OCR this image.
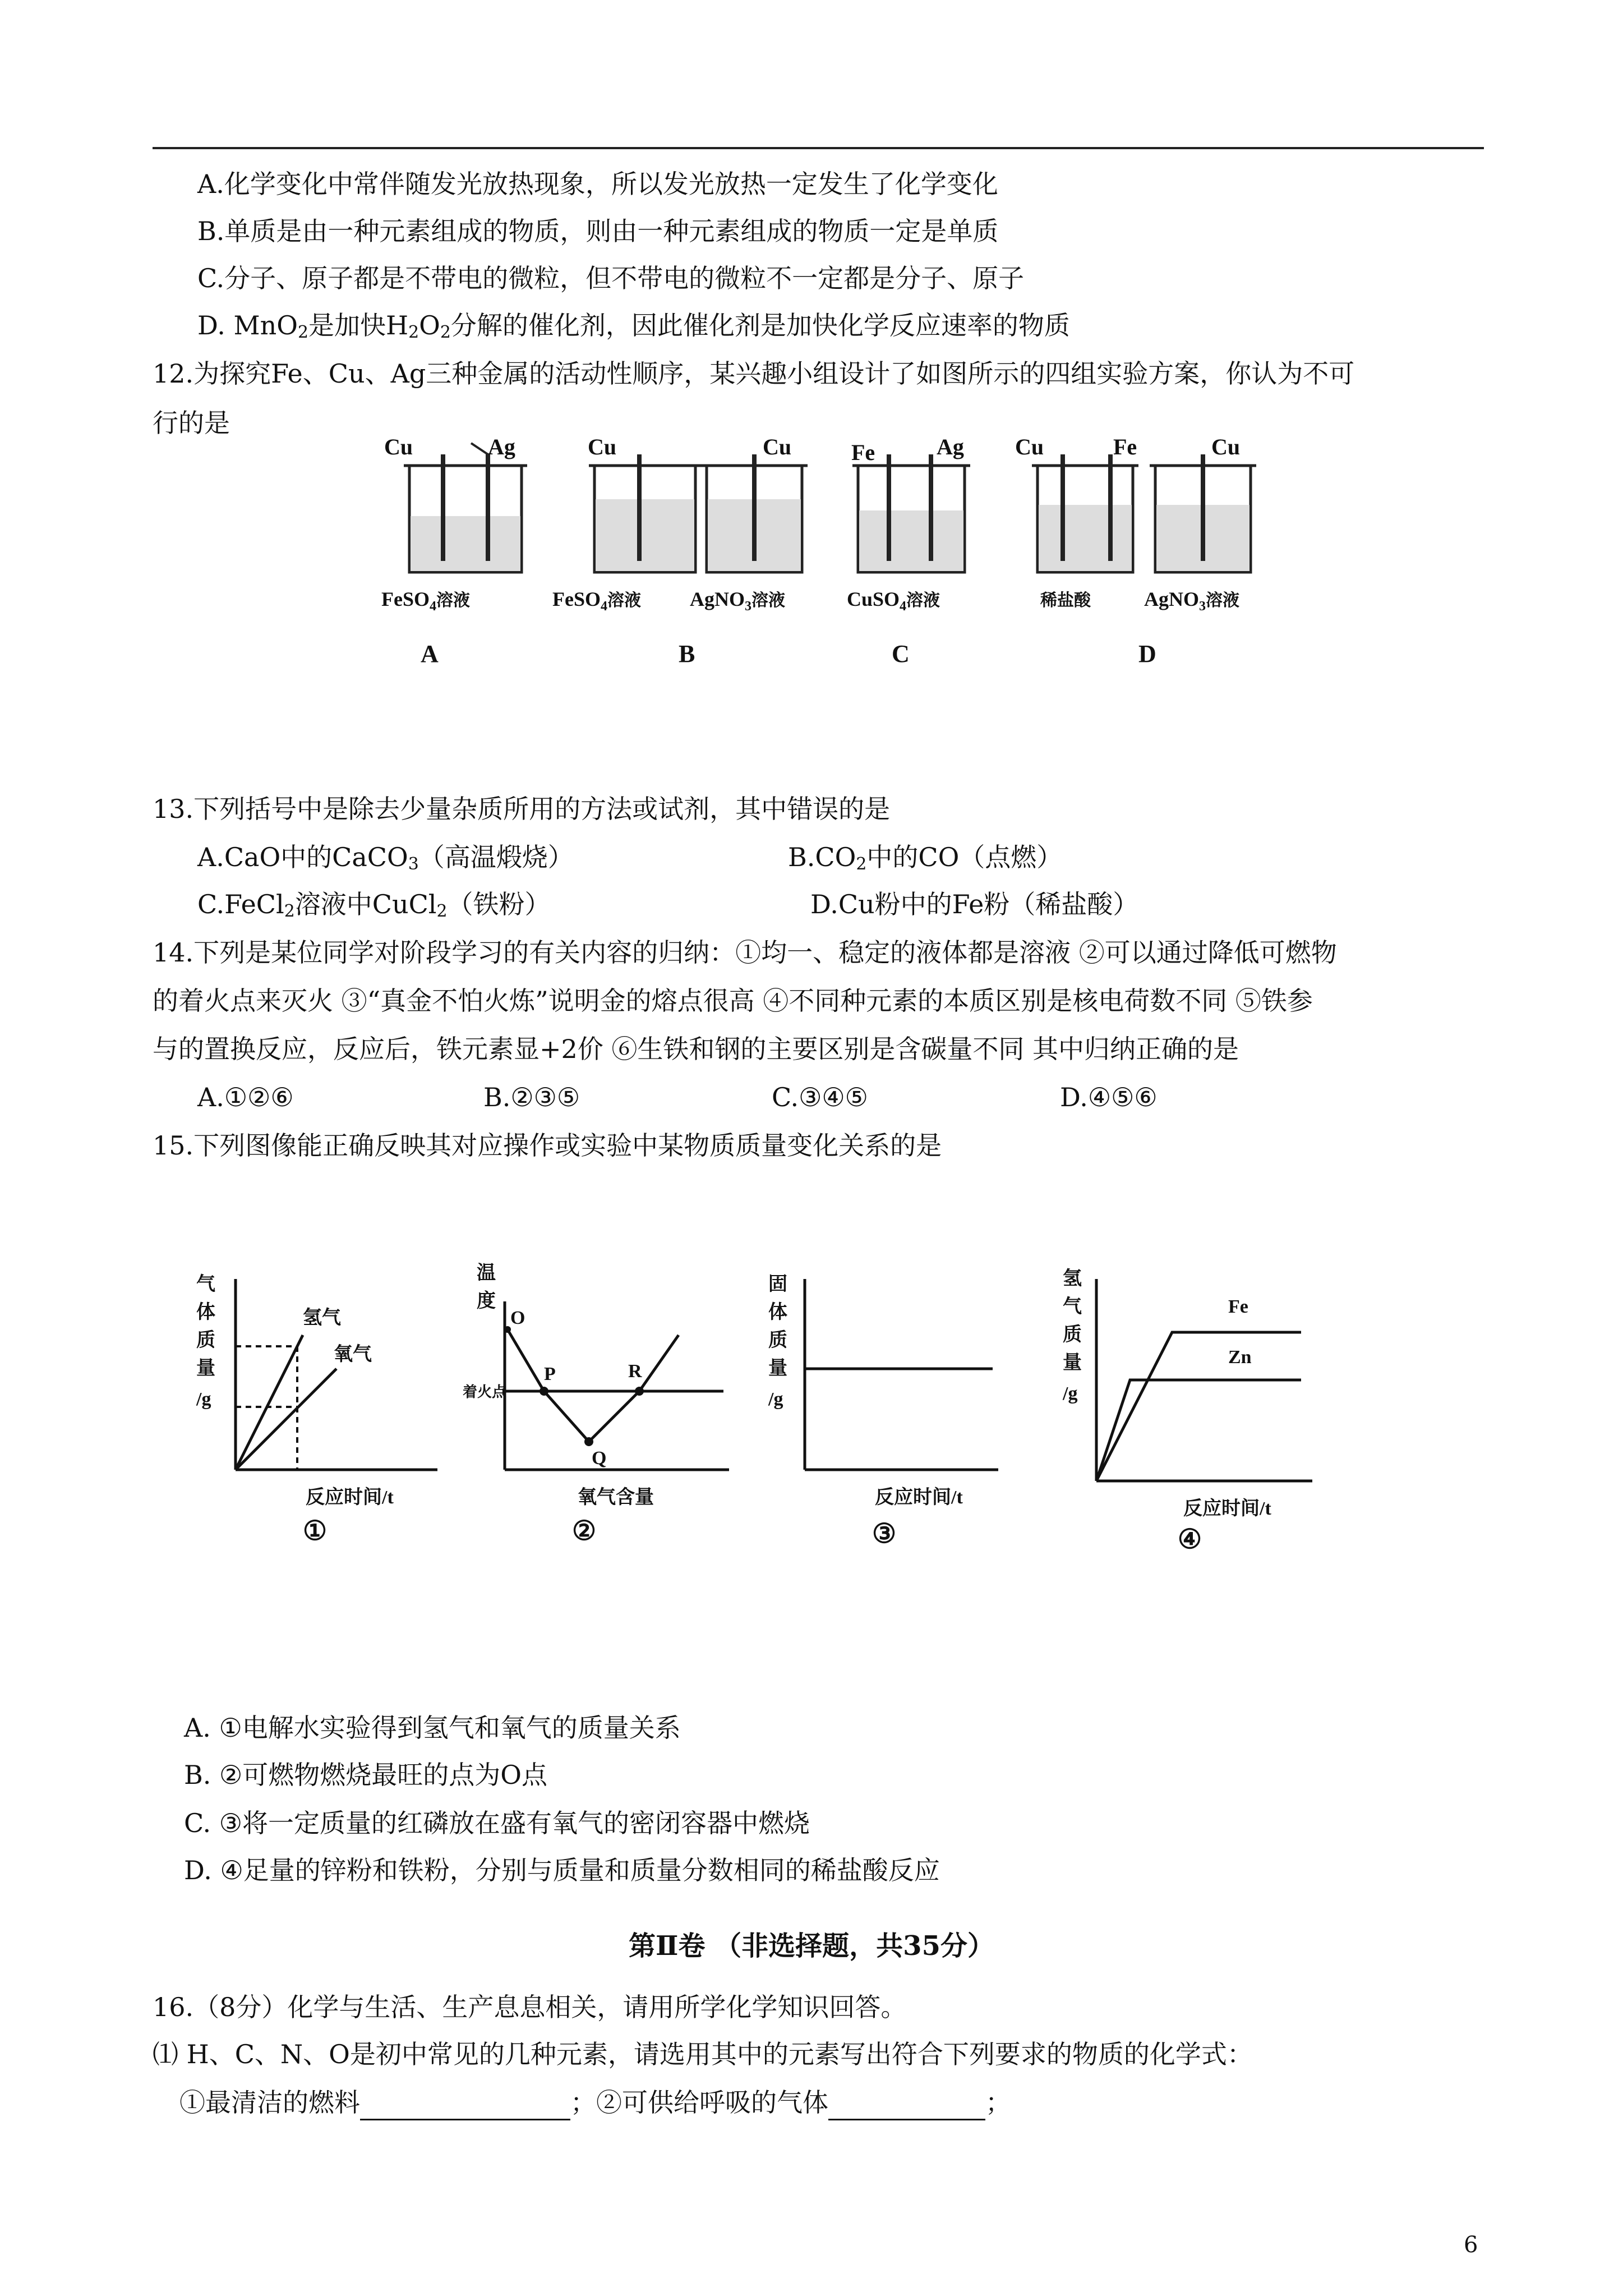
A.化学变化中常伴随发光放热现象，所以发光放热一定发生了化学变化
B.单质是由一种元素组成的物质，则由一种元素组成的物质一定是单质
C.分子、原子都是不带电的微粒，但不带电的微粒不一定都是分子、原子
D. MnO$_2$是加快$H_2O_2$分解的催化剂，因此催化剂是加快化学反应速率的物质
12.为探究Fe、Cu、Ag三种金属的活动性顺序，某兴趣小组设计了如图所示的四组实验方案，你认为不可
行的是
Cu	Ag	Cu	Cu	Fe	Ag Cu	Fe	Cu
FeSO$_4^{溶液}$	FeSO$_4^{溶液}$ AgNO$_3^{溶液}$	CuSO$_4^{溶液}$	稀盐酸	AgNO$_3^{溶液}$
A	B	C	D
13.下列括号中是除去少量杂质所用的方法或试剂，其中错误的是
A.CaO中的CaCO$_3$（高温煅烧）	$B.CO_2$中的CO（点燃）
C.FeCl$_2$溶液中CuCl$_2$（铁粉）	D.Cu粉中的Fe粉（稀盐酸）
14.下列是某位同学对阶段学习的有关内容的归纳：①均一、稳定的液体都是溶液 ②可以通过降低可燃物
的着火点来灭火 ③“真金不怕火炼”说明金的熔点很高 ④不同种元素的本质区别是核电荷数不同 ⑤铁参
与的置换反应，反应后，铁元素显+2价 ⑥生铁和钢的主要区别是含碳量不同 其中归纳正确的是
A.①②⑥	B.②③⑤	C.③④⑤	D.④⑤⑥
15.下列图像能正确反映其对应操作或实验中某物质质量变化关系的是
气
体
质
量
/g
氢气
氧气
反应时间/t
①
温
度
着火点
O
P
Q
R
氧气含量
②
固
体
质
量
/g
反应时间/t
③
氢
气
质
量
/g
Fe
Zn
反应时间/t
④
A. ①电解水实验得到氢气和氧气的质量关系
B. ②可燃物燃烧最旺的点为O点
C. ③将一定质量的红磷放在盛有氧气的密闭容器中燃烧
D. ④足量的锌粉和铁粉，分别与质量和质量分数相同的稀盐酸反应
第Ⅱ卷 （非选择题，共35分）
16.（8分）化学与生活、生产息息相关，请用所学化学知识回答。
⑴ H、C、N、O是初中常见的几种元素，请选用其中的元素写出符合下列要求的物质的化学式：
①最清洁的燃料	；②可供给呼吸的气体	；
6
